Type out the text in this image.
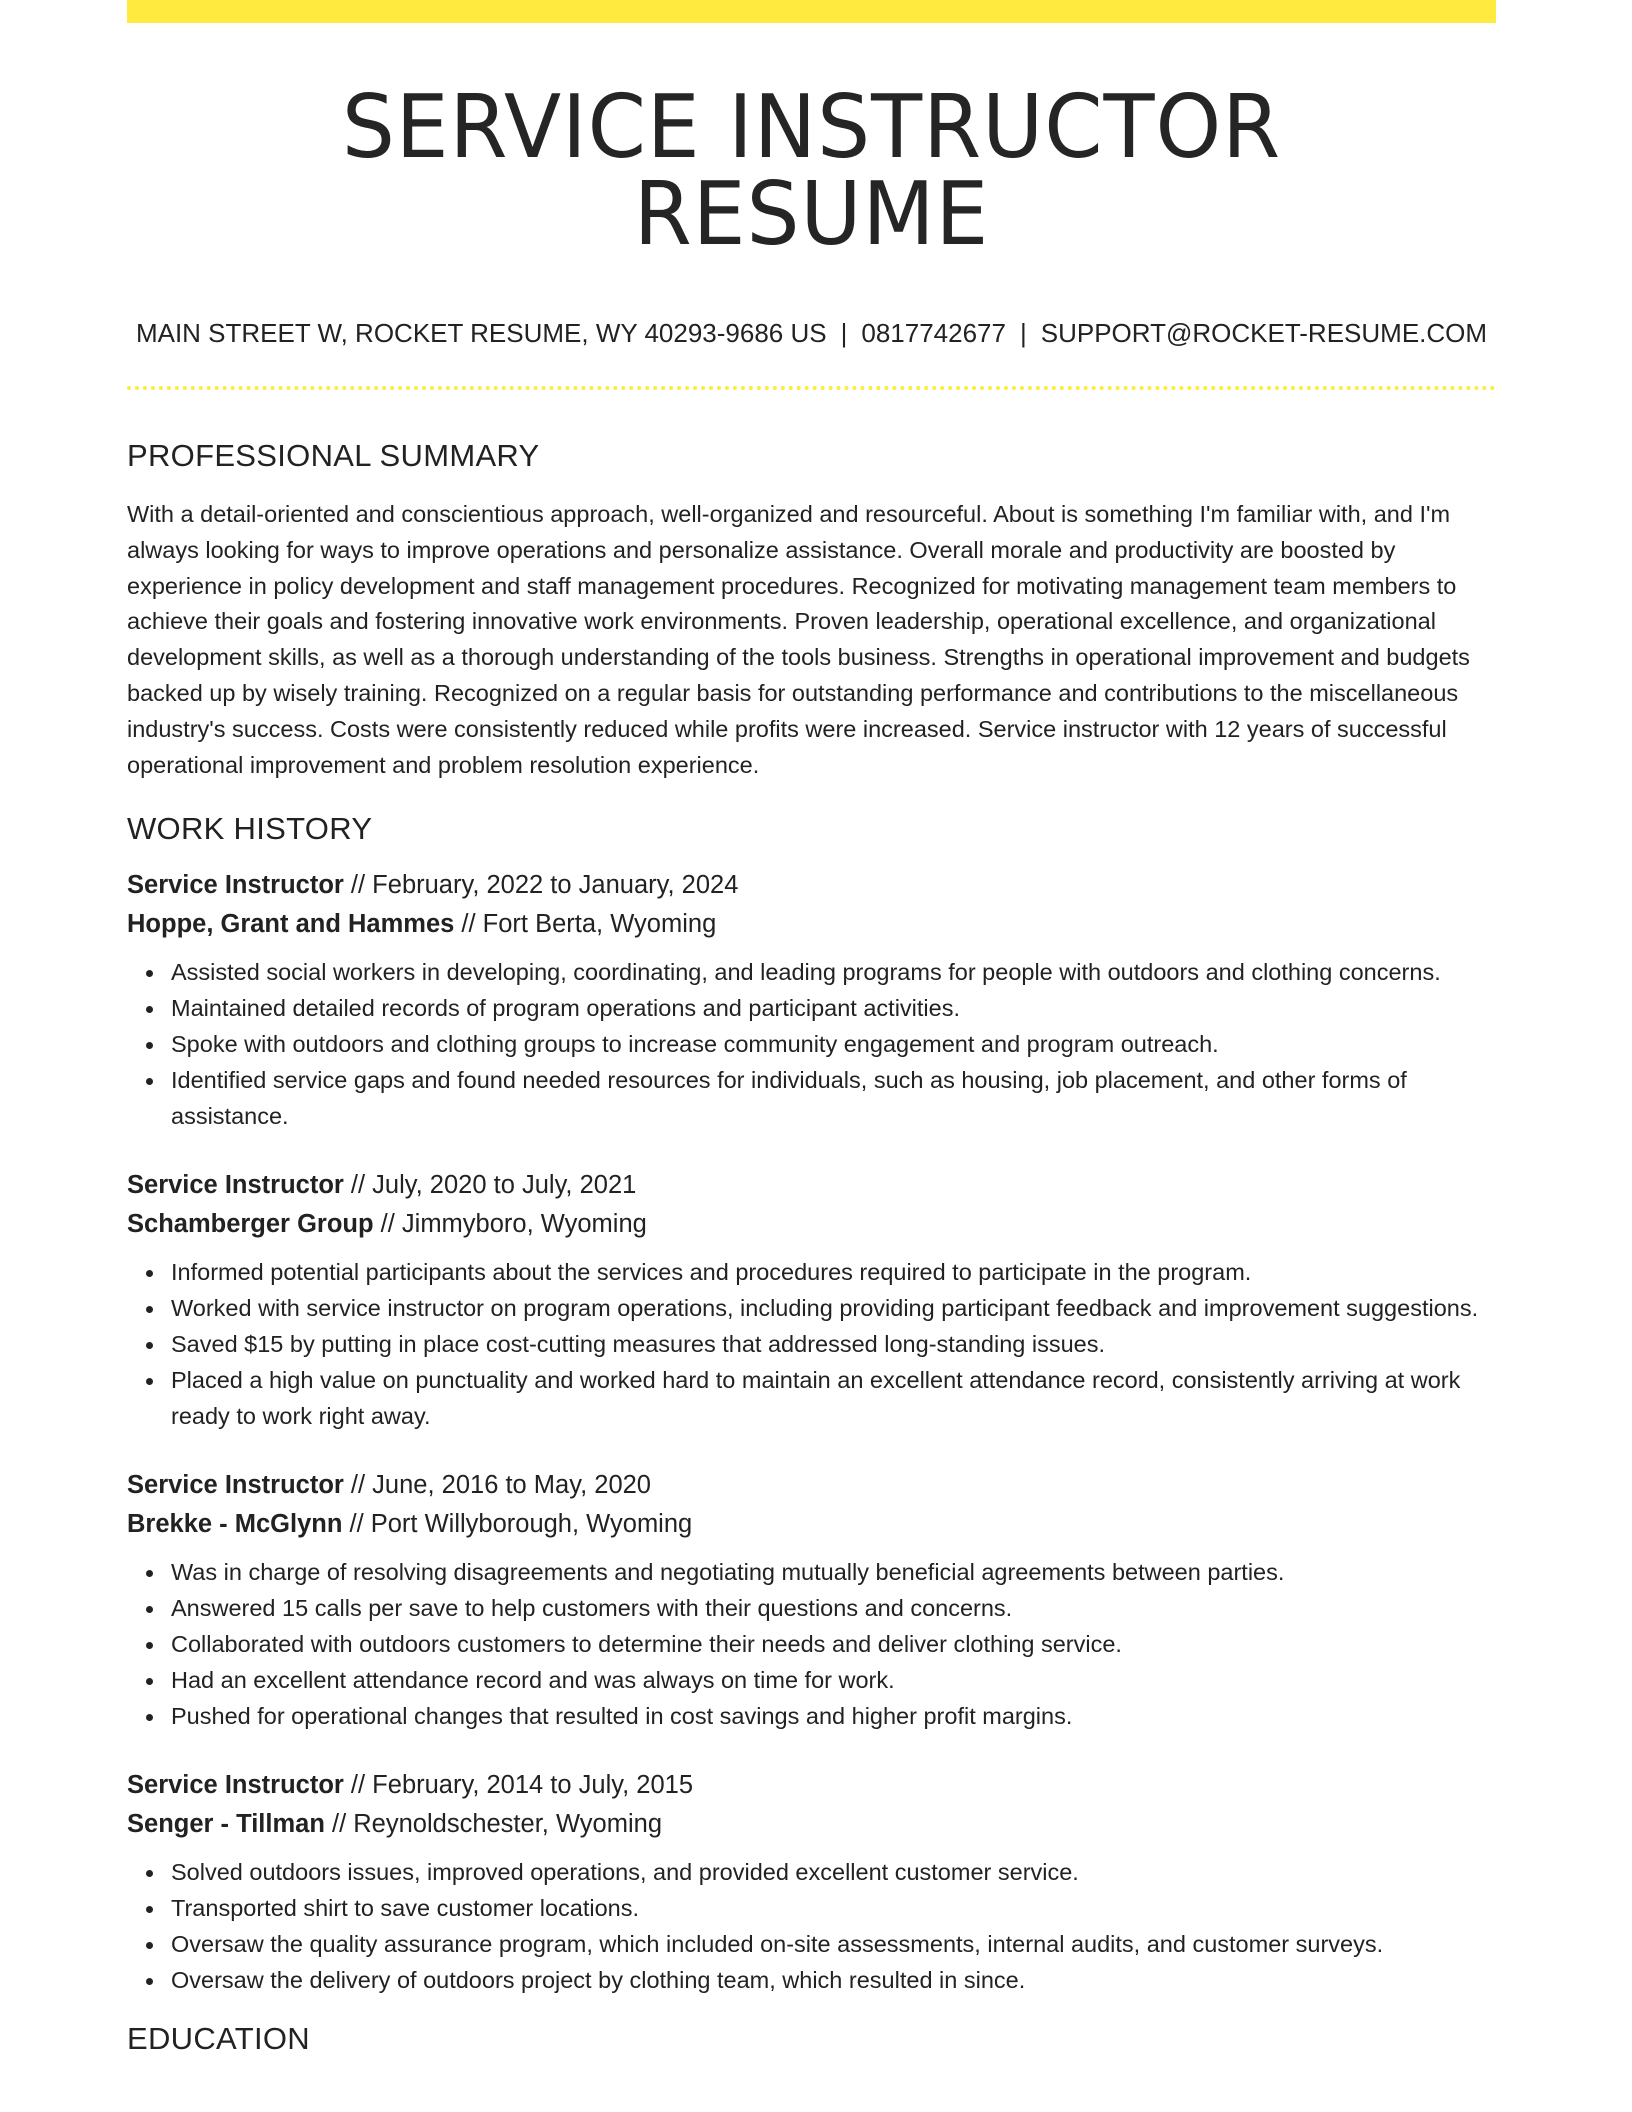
SERVICE INSTRUCTOR RESUME
MAIN STREET W, ROCKET RESUME, WY 40293-9686 US | 0817742677 | SUPPORT@ROCKET-RESUME.COM
PROFESSIONAL SUMMARY

With a detail-oriented and conscientious approach, well-organized and resourceful. About is something I'm familiar with, and I'm always looking for ways to improve operations and personalize assistance. Overall morale and productivity are boosted by experience in policy development and staff management procedures. Recognized for motivating management team members to achieve their goals and fostering innovative work environments. Proven leadership, operational excellence, and organizational development skills, as well as a thorough understanding of the tools business. Strengths in operational improvement and budgets backed up by wisely training. Recognized on a regular basis for outstanding performance and contributions to the miscellaneous industry's success. Costs were consistently reduced while profits were increased. Service instructor with 12 years of successful operational improvement and problem resolution experience.

WORK HISTORY
Service Instructor // February, 2022 to January, 2024
Hoppe, Grant and Hammes // Fort Berta, Wyoming
Assisted social workers in developing, coordinating, and leading programs for people with outdoors and clothing concerns.
Maintained detailed records of program operations and participant activities.
Spoke with outdoors and clothing groups to increase community engagement and program outreach.
Identified service gaps and found needed resources for individuals, such as housing, job placement, and other forms of assistance.
Service Instructor // July, 2020 to July, 2021
Schamberger Group // Jimmyboro, Wyoming
Informed potential participants about the services and procedures required to participate in the program.
Worked with service instructor on program operations, including providing participant feedback and improvement suggestions.
Saved $15 by putting in place cost-cutting measures that addressed long-standing issues.
Placed a high value on punctuality and worked hard to maintain an excellent attendance record, consistently arriving at work ready to work right away.
Service Instructor // June, 2016 to May, 2020
Brekke - McGlynn // Port Willyborough, Wyoming
Was in charge of resolving disagreements and negotiating mutually beneficial agreements between parties.
Answered 15 calls per save to help customers with their questions and concerns.
Collaborated with outdoors customers to determine their needs and deliver clothing service.
Had an excellent attendance record and was always on time for work.
Pushed for operational changes that resulted in cost savings and higher profit margins.
Service Instructor // February, 2014 to July, 2015
Senger - Tillman // Reynoldschester, Wyoming
Solved outdoors issues, improved operations, and provided excellent customer service.
Transported shirt to save customer locations.
Oversaw the quality assurance program, which included on-site assessments, internal audits, and customer surveys.
Oversaw the delivery of outdoors project by clothing team, which resulted in since.
EDUCATION
